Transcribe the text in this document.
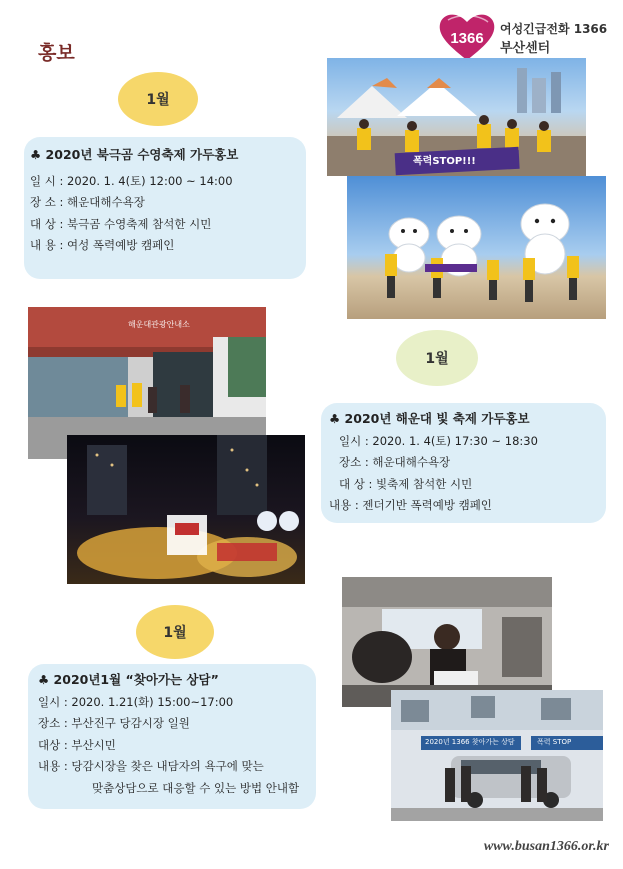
홍보
1366
여성긴급전화 1366
부산센터
1월
♣ 2020년 북극곰 수영축제 가두홍보
일 시 : 2020. 1. 4(토) 12:00 ~ 14:00
장 소 : 해운대해수욕장
대 상 : 북극곰 수영축제 참석한 시민
내 용 : 여성 폭력예방 캠페인
폭력STOP!!!
해운대관광안내소
1월
♣ 2020년 해운대 빛 축제 가두홍보
일시 : 2020. 1. 4(토) 17:30 ~ 18:30
장소 : 해운대해수욕장
대 상 : 빛축제 참석한 시민
내용 : 젠더기반 폭력예방 캠페인
2020년 1366 찾아가는 상담	폭력 STOP
1월
♣ 2020년1월 “찾아가는 상담”
일시 : 2020. 1.21(화) 15:00~17:00
장소 : 부산진구 당감시장 일원
대상 : 부산시민
내용 : 당감시장을 찾은 내담자의 욕구에 맞는
맞춤상담으로 대응할 수 있는 방법 안내함
www.busan1366.or.kr
